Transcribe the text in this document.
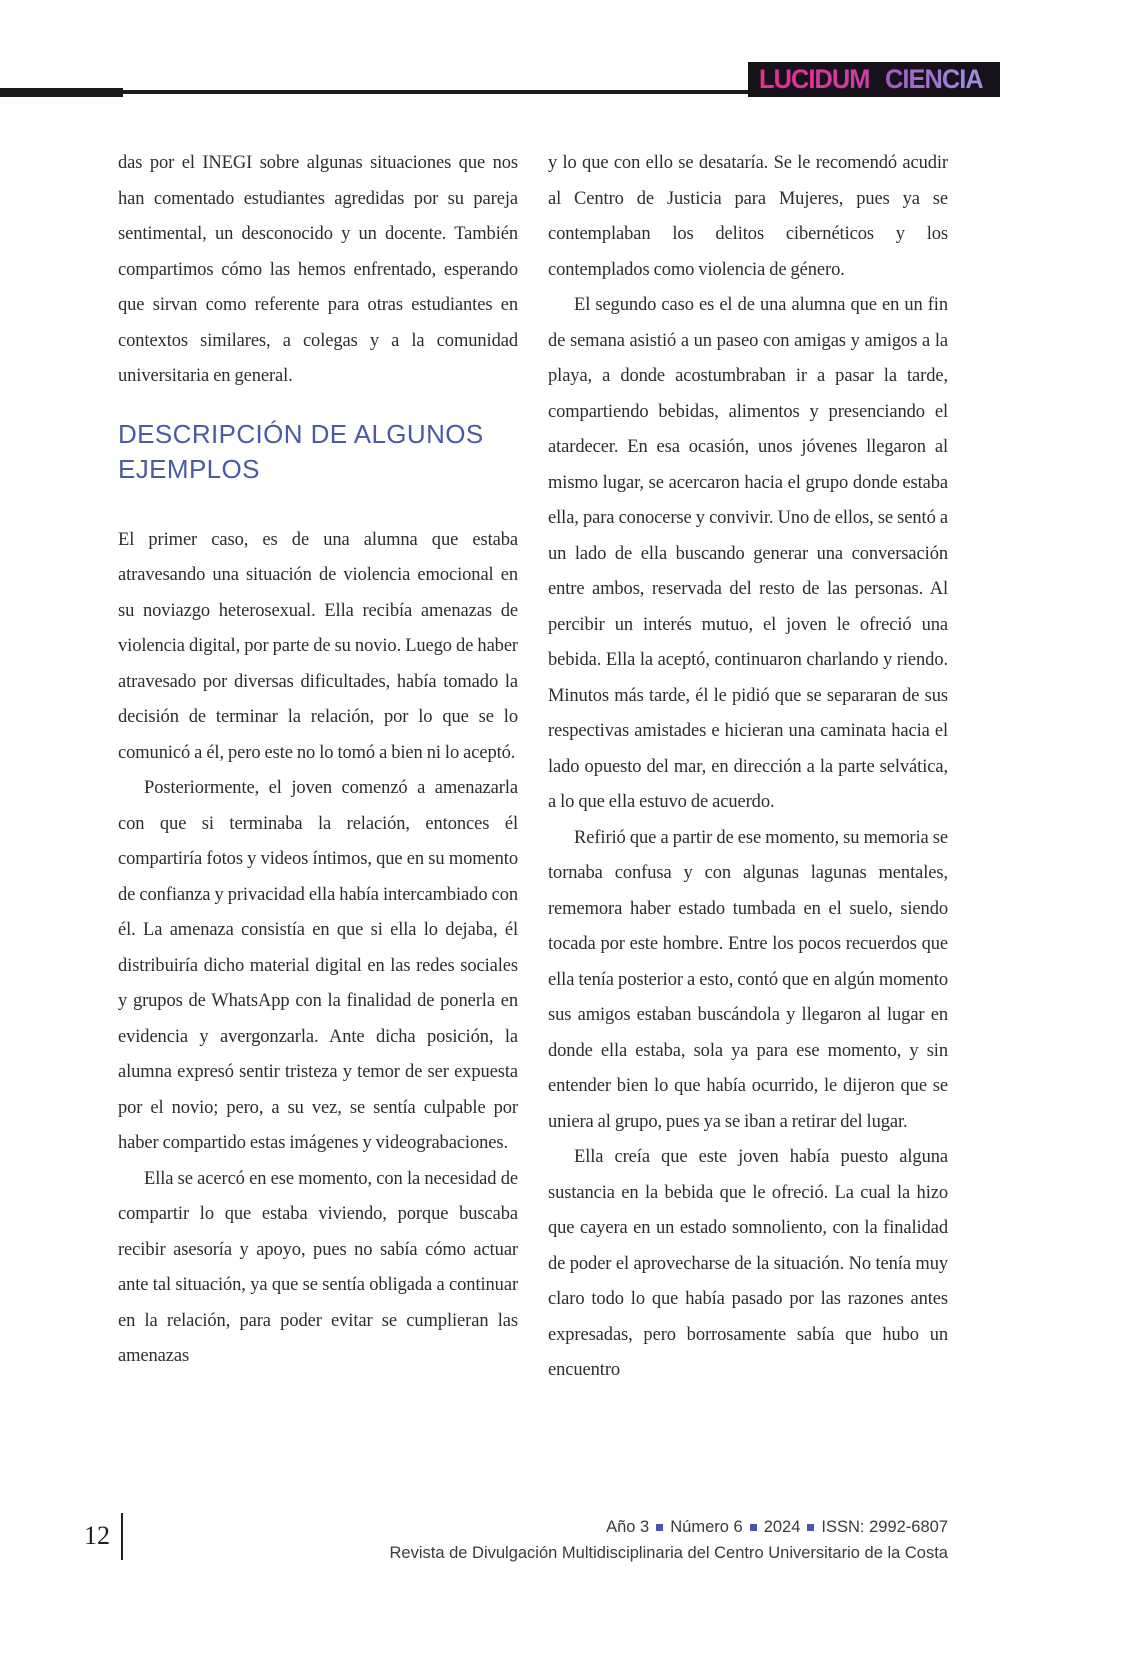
LUCIDUM CIENCIA

das por el INEGI sobre algunas situaciones que nos han comentado estudiantes agredidas por su pareja sentimental, un desconocido y un docente. También compartimos cómo las hemos enfrentado, esperando que sirvan como referente para otras estudiantes en contextos similares, a colegas y a la comunidad universitaria en general.

DESCRIPCIÓN DE ALGUNOS EJEMPLOS

El primer caso, es de una alumna que estaba atravesando una situación de violencia emocional en su noviazgo heterosexual. Ella recibía amenazas de violencia digital, por parte de su novio. Luego de haber atravesado por diversas dificultades, había tomado la decisión de terminar la relación, por lo que se lo comunicó a él, pero este no lo tomó a bien ni lo aceptó.

Posteriormente, el joven comenzó a amenazarla con que si terminaba la relación, entonces él compartiría fotos y videos íntimos, que en su momento de confianza y privacidad ella había intercambiado con él. La amenaza consistía en que si ella lo dejaba, él distribuiría dicho material digital en las redes sociales y grupos de WhatsApp con la finalidad de ponerla en evidencia y avergonzarla. Ante dicha posición, la alumna expresó sentir tristeza y temor de ser expuesta por el novio; pero, a su vez, se sentía culpable por haber compartido estas imágenes y videograbaciones.

Ella se acercó en ese momento, con la necesidad de compartir lo que estaba viviendo, porque buscaba recibir asesoría y apoyo, pues no sabía cómo actuar ante tal situación, ya que se sentía obligada a continuar en la relación, para poder evitar se cumplieran las amenazas

y lo que con ello se desataría. Se le recomendó acudir al Centro de Justicia para Mujeres, pues ya se contemplaban los delitos cibernéticos y los contemplados como violencia de género.

El segundo caso es el de una alumna que en un fin de semana asistió a un paseo con amigas y amigos a la playa, a donde acostumbraban ir a pasar la tarde, compartiendo bebidas, alimentos y presenciando el atardecer. En esa ocasión, unos jóvenes llegaron al mismo lugar, se acercaron hacia el grupo donde estaba ella, para conocerse y convivir. Uno de ellos, se sentó a un lado de ella buscando generar una conversación entre ambos, reservada del resto de las personas. Al percibir un interés mutuo, el joven le ofreció una bebida. Ella la aceptó, continuaron charlando y riendo. Minutos más tarde, él le pidió que se separaran de sus respectivas amistades e hicieran una caminata hacia el lado opuesto del mar, en dirección a la parte selvática, a lo que ella estuvo de acuerdo.

Refirió que a partir de ese momento, su memoria se tornaba confusa y con algunas lagunas mentales, rememora haber estado tumbada en el suelo, siendo tocada por este hombre. Entre los pocos recuerdos que ella tenía posterior a esto, contó que en algún momento sus amigos estaban buscándola y llegaron al lugar en donde ella estaba, sola ya para ese momento, y sin entender bien lo que había ocurrido, le dijeron que se uniera al grupo, pues ya se iban a retirar del lugar.

Ella creía que este joven había puesto alguna sustancia en la bebida que le ofreció. La cual la hizo que cayera en un estado somnoliento, con la finalidad de poder el aprovecharse de la situación. No tenía muy claro todo lo que había pasado por las razones antes expresadas, pero borrosamente sabía que hubo un encuentro

12	Año 3 Número 6 2024 ISSN: 2992-6807
Revista de Divulgación Multidisciplinaria del Centro Universitario de la Costa
